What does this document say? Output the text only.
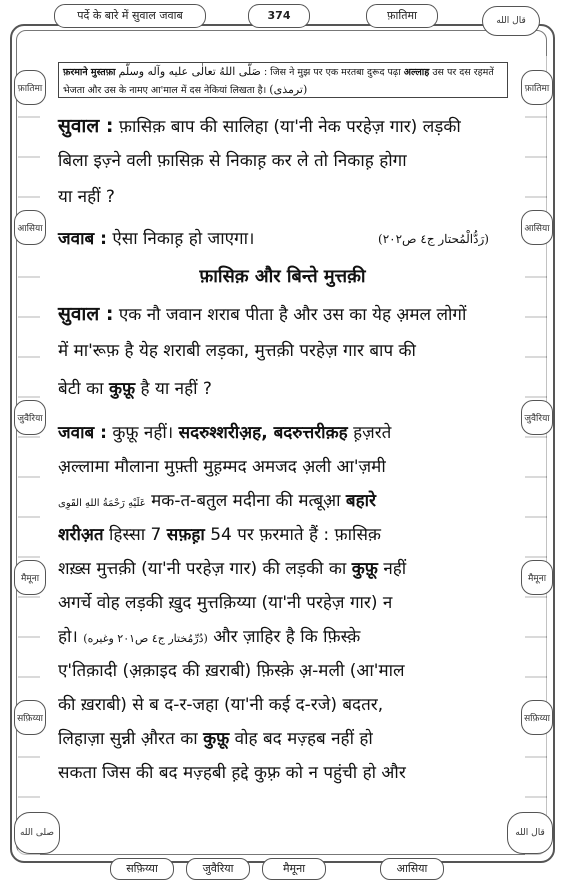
पर्दे के बारे में सुवाल जवाब	374	फ़ातिमा	قال الله
फ़ातिमा
आसिया
जुवैरिया
मैमूना
सफ़िय्या
फ़ातिमा
आसिया
जुवैरिया
मैमूना
सफ़िय्या
फ़रमाने मुस्तफ़ा صَلَّى اللهُ تعالٰى عليه وآله وسلَّم : जिस ने मुझ पर एक मरतबा दुरूद पढ़ा अल्लाह उस पर दस रहमतें
भेजता और उस के नामए आ'माल में दस नेकियां लिखता है। (ترمذی)
सुवाल : फ़ासिक़ बाप की सालिहा (या'नी नेक परहेज़ गार) लड़की
बिला इज़्ने वली फ़ासिक़ से निकाह़ कर ले तो निकाह़ होगा
या नहीं ?
जवाब : ऐसा निकाह़ हो जाएगा।	(رَدُّالْمُحتار ج٤ ص٢٠٢)
फ़ासिक़ और बिन्ते मुत्तक़ी
सुवाल : एक नौ जवान शराब पीता है और उस का येह अ़मल लोगों
में मा'रूफ़ है येह शराबी लड़का, मुत्तक़ी परहेज़ गार बाप की
बेटी का कुफ़ू है या नहीं ?
जवाब : कुफ़ू नहीं। सदरुश्शरीअ़ह, बदरुत्तरीक़ह ह़ज़रते
अ़ल्लामा मौलाना मुफ़्ती मुह़म्मद अमजद अ़ली आ'ज़मी
عَلَيْهِ رَحْمَةُ اللهِ القَوِى मक-त-बतुल मदीना की मत्बूआ़ बहारे
शरीअ़त हिस्सा 7 सफ़ह़ा 54 पर फ़रमाते हैं : फ़ासिक़
शख़्स मुत्तक़ी (या'नी परहेज़ गार) की लड़की का कुफ़ू नहीं
अगर्चे वोह लड़की ख़ुद मुत्तक़िय्या (या'नी परहेज़ गार) न
हो। (دُرِّمُختار ج٤ ص٢٠١ وغيره) और ज़ाहिर है कि फ़िस्क़े
ए'तिक़ादी (अ़क़ाइद की ख़राबी) फ़िस्क़े अ़-मली (आ'माल
की ख़राबी) से ब द-र-जहा (या'नी कई द-रजे) बदतर,
लिहाज़ा सुन्नी औ़रत का कुफ़ू वोह बद मज़्हब नहीं हो
सकता जिस की बद मज़्हबी ह़द्दे कुफ़्र को न पहुंची हो और
صلى الله	قال الله
सफ़िय्या	जुवैरिया	मैमूना	आसिया
